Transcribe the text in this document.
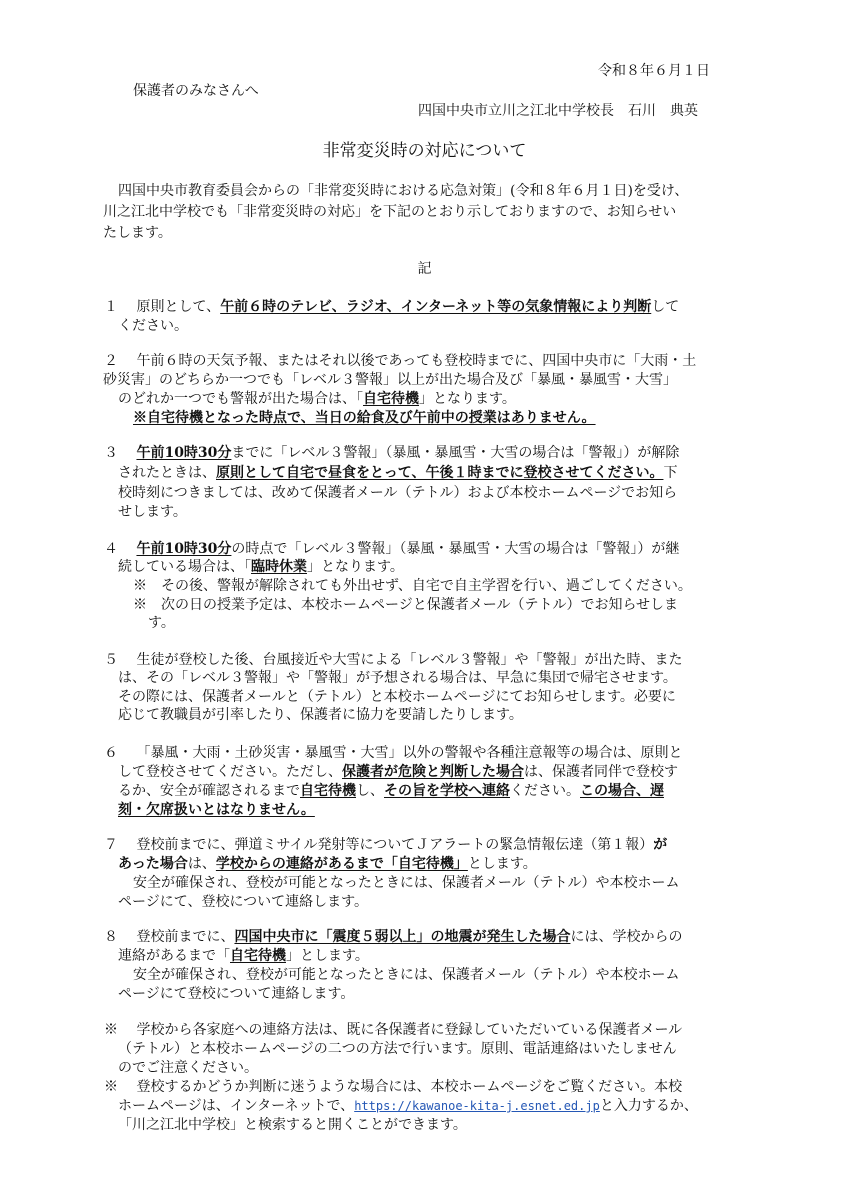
令和８年６月１日
保護者のみなさんへ
四国中央市立川之江北中学校長　石川　典英
非常変災時の対応について
四国中央市教育委員会からの「非常変災時における応急対策」(令和８年６月１日)を受け、
川之江北中学校でも「非常変災時の対応」を下記のとおり示しておりますので、お知らせい
たします。
記
１　 原則として、午前６時のテレビ、ラジオ、インターネット等の気象情報により判断して
ください。
２　 午前６時の天気予報、またはそれ以後であっても登校時までに、四国中央市に「大雨・土
砂災害」のどちらか一つでも「レベル３警報」以上が出た場合及び「暴風・暴風雪・大雪」
のどれか一つでも警報が出た場合は、「自宅待機」となります。
※自宅待機となった時点で、当日の給食及び午前中の授業はありません。
３　 午前10時30分までに「レベル３警報」（暴風・暴風雪・大雪の場合は「警報」）が解除
されたときは、原則として自宅で昼食をとって、午後１時までに登校させてください。下
校時刻につきましては、改めて保護者メール（テトル）および本校ホームページでお知ら
せします。
４　 午前10時30分の時点で「レベル３警報」（暴風・暴風雪・大雪の場合は「警報」）が継
続している場合は、「臨時休業」となります。
※　その後、警報が解除されても外出せず、自宅で自主学習を行い、過ごしてください。
※　次の日の授業予定は、本校ホームページと保護者メール（テトル）でお知らせしま
す。
５　 生徒が登校した後、台風接近や大雪による「レベル３警報」や「警報」が出た時、また
は、その「レベル３警報」や「警報」が予想される場合は、早急に集団で帰宅させます。
その際には、保護者メールと（テトル）と本校ホームページにてお知らせします。必要に
応じて教職員が引率したり、保護者に協力を要請したりします。
６　 「暴風・大雨・土砂災害・暴風雪・大雪」以外の警報や各種注意報等の場合は、原則と
して登校させてください。ただし、保護者が危険と判断した場合は、保護者同伴で登校す
るか、安全が確認されるまで自宅待機し、その旨を学校へ連絡ください。この場合、遅
刻・欠席扱いとはなりません。
７　 登校前までに、弾道ミサイル発射等についてＪアラートの緊急情報伝達（第１報）が
あった場合は、学校からの連絡があるまで「自宅待機」とします。
安全が確保され、登校が可能となったときには、保護者メール（テトル）や本校ホーム
ページにて、登校について連絡します。
８　 登校前までに、四国中央市に「震度５弱以上」の地震が発生した場合には、学校からの
連絡があるまで「自宅待機」とします。
安全が確保され、登校が可能となったときには、保護者メール（テトル）や本校ホーム
ページにて登校について連絡します。
※　 学校から各家庭への連絡方法は、既に各保護者に登録していただいている保護者メール
（テトル）と本校ホームページの二つの方法で行います。原則、電話連絡はいたしません
のでご注意ください。
※　 登校するかどうか判断に迷うような場合には、本校ホームページをご覧ください。本校
ホームページは、インターネットで、https://kawanoe-kita-j.esnet.ed.jpと入力するか、
「川之江北中学校」と検索すると開くことができます。
